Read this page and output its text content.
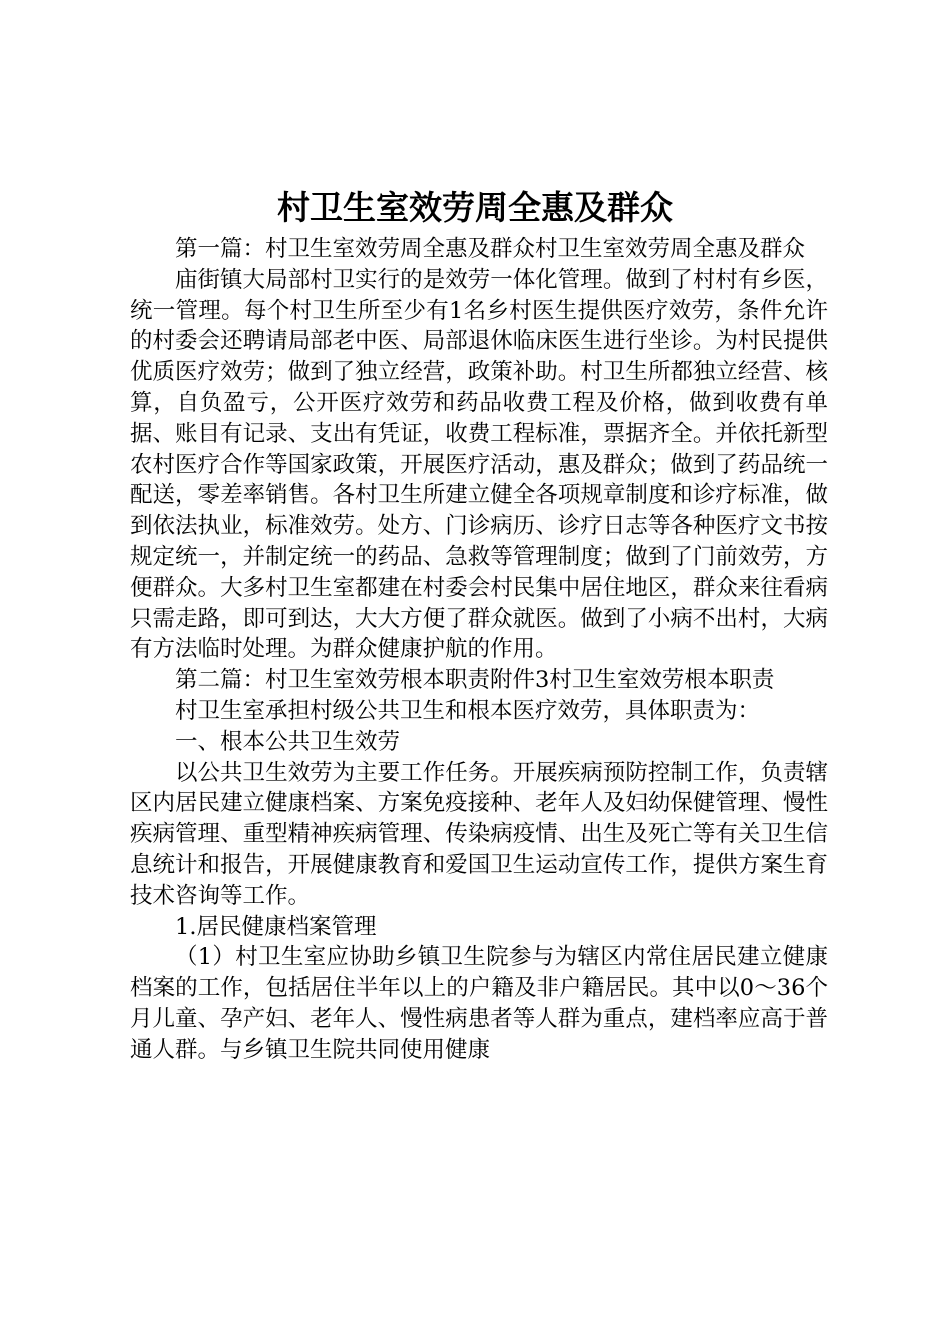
村卫生室效劳周全惠及群众

第一篇：村卫生室效劳周全惠及群众村卫生室效劳周全惠及群众

庙街镇大局部村卫实行的是效劳一体化管理。做到了村村有乡医，统一管理。每个村卫生所至少有1名乡村医生提供医疗效劳，条件允许的村委会还聘请局部老中医、局部退休临床医生进行坐诊。为村民提供优质医疗效劳；做到了独立经营，政策补助。村卫生所都独立经营、核算，自负盈亏，公开医疗效劳和药品收费工程及价格，做到收费有单据、账目有记录、支出有凭证，收费工程标准，票据齐全。并依托新型农村医疗合作等国家政策，开展医疗活动，惠及群众；做到了药品统一配送，零差率销售。各村卫生所建立健全各项规章制度和诊疗标准，做到依法执业，标准效劳。处方、门诊病历、诊疗日志等各种医疗文书按规定统一，并制定统一的药品、急救等管理制度；做到了门前效劳，方便群众。大多村卫生室都建在村委会村民集中居住地区，群众来往看病只需走路，即可到达，大大方便了群众就医。做到了小病不出村，大病有方法临时处理。为群众健康护航的作用。

第二篇：村卫生室效劳根本职责附件3村卫生室效劳根本职责

村卫生室承担村级公共卫生和根本医疗效劳，具体职责为：

一、根本公共卫生效劳

以公共卫生效劳为主要工作任务。开展疾病预防控制工作，负责辖区内居民建立健康档案、方案免疫接种、老年人及妇幼保健管理、慢性疾病管理、重型精神疾病管理、传染病疫情、出生及死亡等有关卫生信息统计和报告，开展健康教育和爱国卫生运动宣传工作，提供方案生育技术咨询等工作。

1.居民健康档案管理

（1）村卫生室应协助乡镇卫生院参与为辖区内常住居民建立健康档案的工作，包括居住半年以上的户籍及非户籍居民。其中以0～36个月儿童、孕产妇、老年人、慢性病患者等人群为重点，建档率应高于普通人群。与乡镇卫生院共同使用健康
